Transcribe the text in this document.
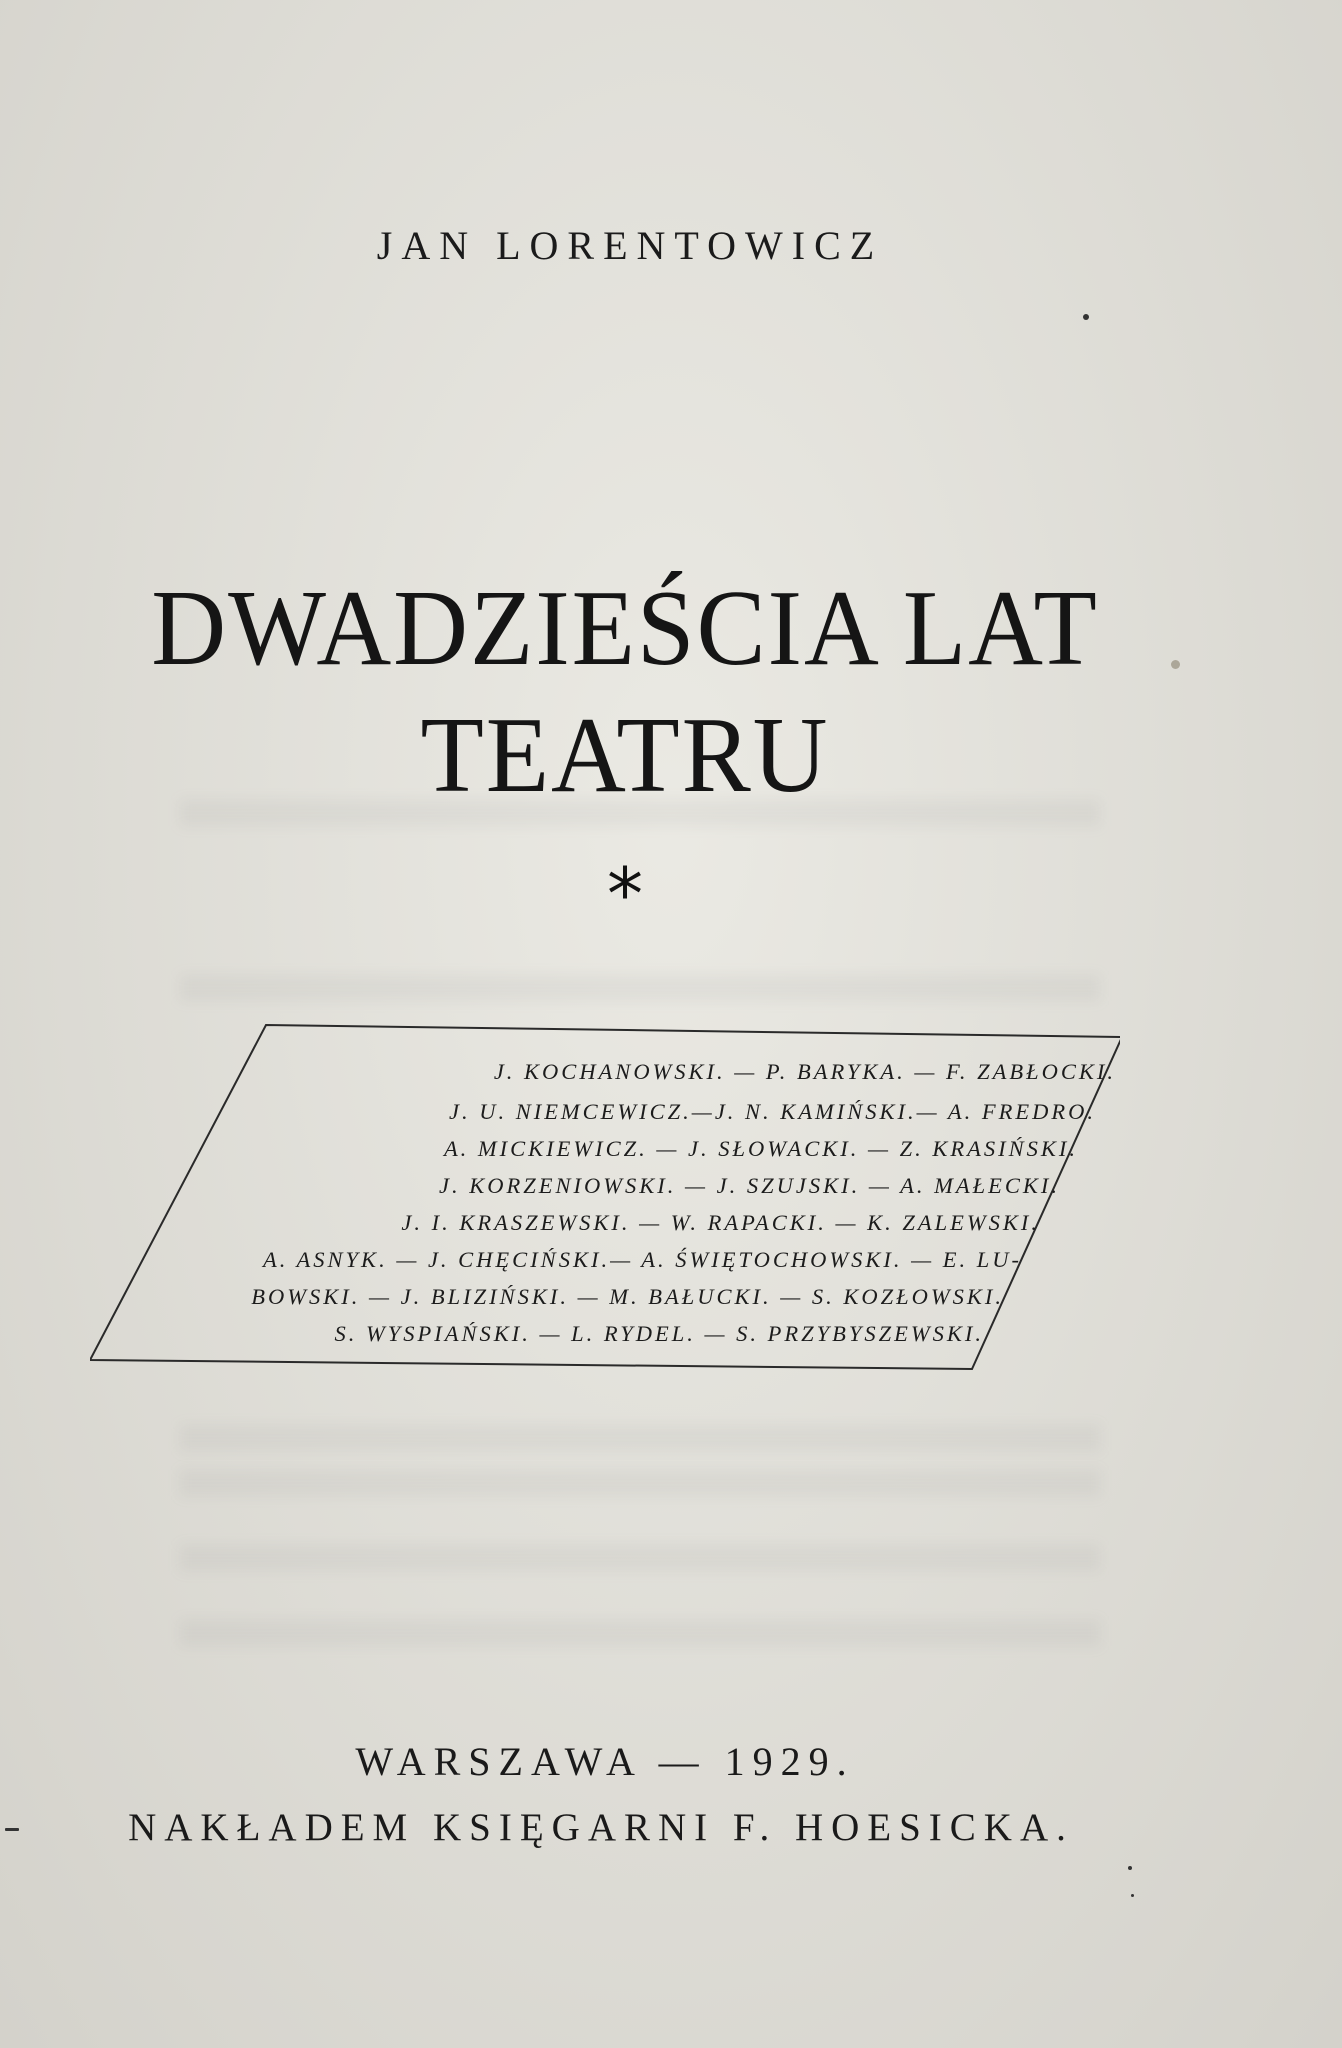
JAN LORENTOWICZ
DWADZIEŚCIA LAT
TEATRU
*
J. KOCHANOWSKI. — P. BARYKA. — F. ZABŁOCKI.
J. U. NIEMCEWICZ.—J. N. KAMIŃSKI.— A. FREDRO.
A. MICKIEWICZ. — J. SŁOWACKI. — Z. KRASIŃSKI.
J. KORZENIOWSKI. — J. SZUJSKI. — A. MAŁECKI.
J. I. KRASZEWSKI. — W. RAPACKI. — K. ZALEWSKI.
A. ASNYK. — J. CHĘCIŃSKI.— A. ŚWIĘTOCHOWSKI. — E. LU-
BOWSKI. — J. BLIZIŃSKI. — M. BAŁUCKI. — S. KOZŁOWSKI.
S. WYSPIAŃSKI. — L. RYDEL. — S. PRZYBYSZEWSKI.
WARSZAWA — 1929.
NAKŁADEM KSIĘGARNI F. HOESICKA.
